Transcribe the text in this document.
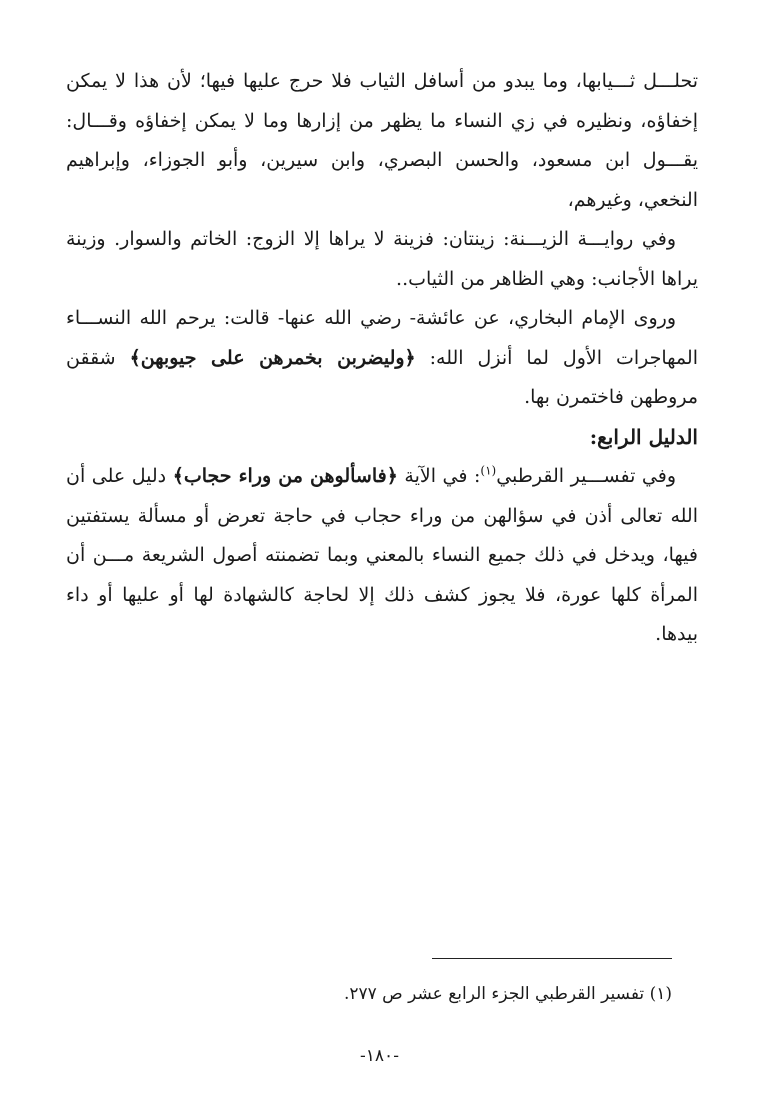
تحلـــل ثـــيابها، وما يبدو من أسافل الثياب فلا حرج عليها فيها؛ لأن هذا لا يمكن إخفاؤه، ونظيره في زي النساء ما يظهر من إزارها وما لا يمكن إخفاؤه وقـــال: يقـــول ابن مسعود، والحسن البصري، وابن سيرين، وأبو الجوزاء، وإبراهيم النخعي، وغيرهم،

وفي روايـــة الزيـــنة: زينتان: فزينة لا يراها إلا الزوج: الخاتم والسوار. وزينة يراها الأجانب: وهي الظاهر من الثياب..

وروى الإمام البخاري، عن عائشة- رضي الله عنها- قالت: يرحم الله النســـاء المهاجرات الأول لما أنزل الله: ﴿وليضربن بخمرهن على جيوبهن﴾ شققن مروطهن فاختمرن بها.

الدليل الرابع:

وفي تفســـير القرطبي$^{(١)}$: في الآية ﴿فاسألوهن من وراء حجاب﴾ دليل على أن الله تعالى أذن في سؤالهن من وراء حجاب في حاجة تعرض أو مسألة يستفتين فيها، ويدخل في ذلك جميع النساء بالمعني وبما تضمنته أصول الشريعة مـــن أن المرأة كلها عورة، فلا يجوز كشف ذلك إلا لحاجة كالشهادة لها أو عليها أو داء بيدها.

(١) تفسير القرطبي الجزء الرابع عشر ص ٢٧٧.
-١٨٠-
